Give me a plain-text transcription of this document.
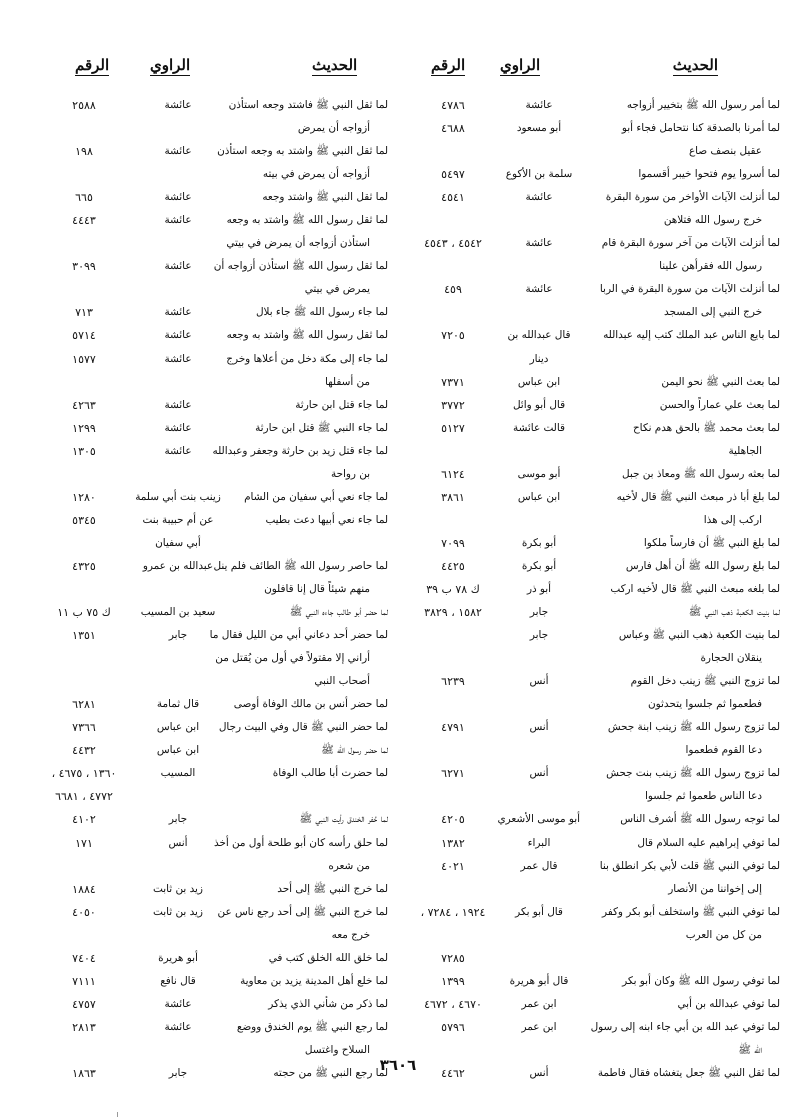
الحديث
الراوي
الرقم
الحديث
الراوي
الرقم
لما أمر رسول الله ﷺ بتخيير أزواجه
عائشة
٤٧٨٦
لما أمرنا بالصدقة كنا نتحامل فجاء أبو
أبو مسعود
٤٦٨٨
عقيل بنصف صاع
لما أسروا يوم فتحوا خيبر أقسموا
سلمة بن الأكوع
٥٤٩٧
لما أنزلت الآيات الأواخر من سورة البقرة
عائشة
٤٥٤١
خرج رسول الله فتلاهن
لما أنزلت الآيات من آخر سورة البقرة قام
عائشة
٤٥٤٢ ، ٤٥٤٣
رسول الله فقرأهن علينا
لما أنزلت الآيات من سورة البقرة في الربا
عائشة
٤٥٩
خرج النبي إلى المسجد
لما بايع الناس عبد الملك كتب إليه عبدالله
قال عبدالله بن
٧٢٠٥
دينار
لما بعث النبي ﷺ نحو اليمن
ابن عباس
٧٣٧١
لما بعث علي عماراً والحسن
قال أبو وائل
٣٧٧٢
لما بعث محمد ﷺ بالحق هدم نكاح
قالت عائشة
٥١٢٧
الجاهلية
لما بعثه رسول الله ﷺ ومعاذ بن جبل
أبو موسى
٦١٢٤
لما بلغ أبا ذر مبعث النبي ﷺ قال لأخيه
ابن عباس
٣٨٦١
اركب إلى هذا
لما بلغ النبي ﷺ أن فارساً ملكوا
أبو بكرة
٧٠٩٩
لما بلغ رسول الله ﷺ أن أهل فارس
أبو بكرة
٤٤٢٥
لما بلغه مبعث النبي ﷺ قال لأخيه اركب
أبو ذر
ك ٧٨ ب ٣٩
لما بنيت الكعبة ذهب النبي ﷺ
جابر
١٥٨٢ ، ٣٨٢٩
لما بنيت الكعبة ذهب النبي ﷺ وعباس
جابر
ينقلان الحجارة
لما تزوج النبي ﷺ زينب دخل القوم
أنس
٦٢٣٩
فطعموا ثم جلسوا يتحدثون
لما تزوج رسول الله ﷺ زينب ابنة جحش
أنس
٤٧٩١
دعا القوم فطعموا
لما تزوج رسول الله ﷺ زينب بنت جحش
أنس
٦٢٧١
دعا الناس طعموا ثم جلسوا
لما توجه رسول الله ﷺ أشرف الناس
أبو موسى الأشعري
٤٢٠٥
لما توفي إبراهيم عليه السلام قال
البراء
١٣٨٢
لما توفي النبي ﷺ قلت لأبي بكر انطلق بنا
قال عمر
٤٠٢١
إلى إخواننا من الأنصار
لما توفي النبي ﷺ واستخلف أبو بكر وكفر
قال أبو بكر
١٩٢٤ ، ٧٢٨٤ ،
من كل من العرب
٧٢٨٥
لما توفي رسول الله ﷺ وكان أبو بكر
قال أبو هريرة
١٣٩٩
لما توفي عبدالله بن أبي
ابن عمر
٤٦٧٠ ، ٤٦٧٢
لما توفي عبد الله بن أبي جاء ابنه إلى رسول
ابن عمر
٥٧٩٦
الله ﷺ
لما ثقل النبي ﷺ جعل يتغشاه فقال فاطمة
أنس
٤٤٦٢
لما ثقل النبي ﷺ فاشتد وجعه استأذن
عائشة
٢٥٨٨
أزواجه أن يمرض
لما ثقل النبي ﷺ واشتد به وجعه استأذن
عائشة
١٩٨
أزواجه أن يمرض في بيته
لما ثقل النبي ﷺ واشتد وجعه
عائشة
٦٦٥
لما ثقل رسول الله ﷺ واشتد به وجعه
عائشة
٤٤٤٣
استأذن أزواجه أن يمرض في بيتي
لما ثقل رسول الله ﷺ استأذن أزواجه أن
عائشة
٣٠٩٩
يمرض في بيتي
لما جاء رسول الله ﷺ جاء بلال
عائشة
٧١٣
لما ثقل رسول الله ﷺ واشتد به وجعه
عائشة
٥٧١٤
لما جاء إلى مكة دخل من أعلاها وخرج
عائشة
١٥٧٧
من أسفلها
لما جاء قتل ابن حارثة
عائشة
٤٢٦٣
لما جاء النبي ﷺ قتل ابن حارثة
عائشة
١٢٩٩
لما جاء قتل زيد بن حارثة وجعفر وعبدالله
عائشة
١٣٠٥
بن رواحة
لما جاء نعي أبي سفيان من الشام
زينب بنت أبي سلمة
١٢٨٠
لما جاء نعي أبيها دعت بطيب
عن أم حبيبة بنت
٥٣٤٥
أبي سفيان
لما حاصر رسول الله ﷺ الطائف فلم ينل
عبدالله بن عمرو
٤٣٢٥
منهم شيئاً قال إنا قافلون
لما حضر أبو طالب جاءه النبي ﷺ
سعيد بن المسيب
ك ٧٥ ب ١١
لما حضر أحد دعاني أبي من الليل فقال ما
جابر
١٣٥١
أراني إلا مقتولاً في أول من يُقتل من
أصحاب النبي
لما حضر أنس بن مالك الوفاة أوصى
قال ثمامة
٦٢٨١
لما حضر النبي ﷺ قال وفي البيت رجال
ابن عباس
٧٣٦٦
لما حضر رسول الله ﷺ
ابن عباس
٤٤٣٢
لما حضرت أبا طالب الوفاة
المسيب
١٣٦٠ ، ٤٦٧٥ ،
٤٧٧٢ ، ٦٦٨١
لما حُفر الخندق رأيت النبي ﷺ
جابر
٤١٠٢
لما حلق رأسه كان أبو طلحة أول من أخذ
أنس
١٧١
من شعره
لما خرج النبي ﷺ إلى أحد
زيد بن ثابت
١٨٨٤
لما خرج النبي ﷺ إلى أحد رجع ناس عن
زيد بن ثابت
٤٠٥٠
خرج معه
لما خلق الله الخلق كتب في
أبو هريرة
٧٤٠٤
لما خلع أهل المدينة يزيد بن معاوية
قال نافع
٧١١١
لما ذكر من شأني الذي يذكر
عائشة
٤٧٥٧
لما رجع النبي ﷺ يوم الخندق ووضع
عائشة
٢٨١٣
السلاح واغتسل
لما رجع النبي ﷺ من حجته
جابر
١٨٦٣	٣٦٠٦
